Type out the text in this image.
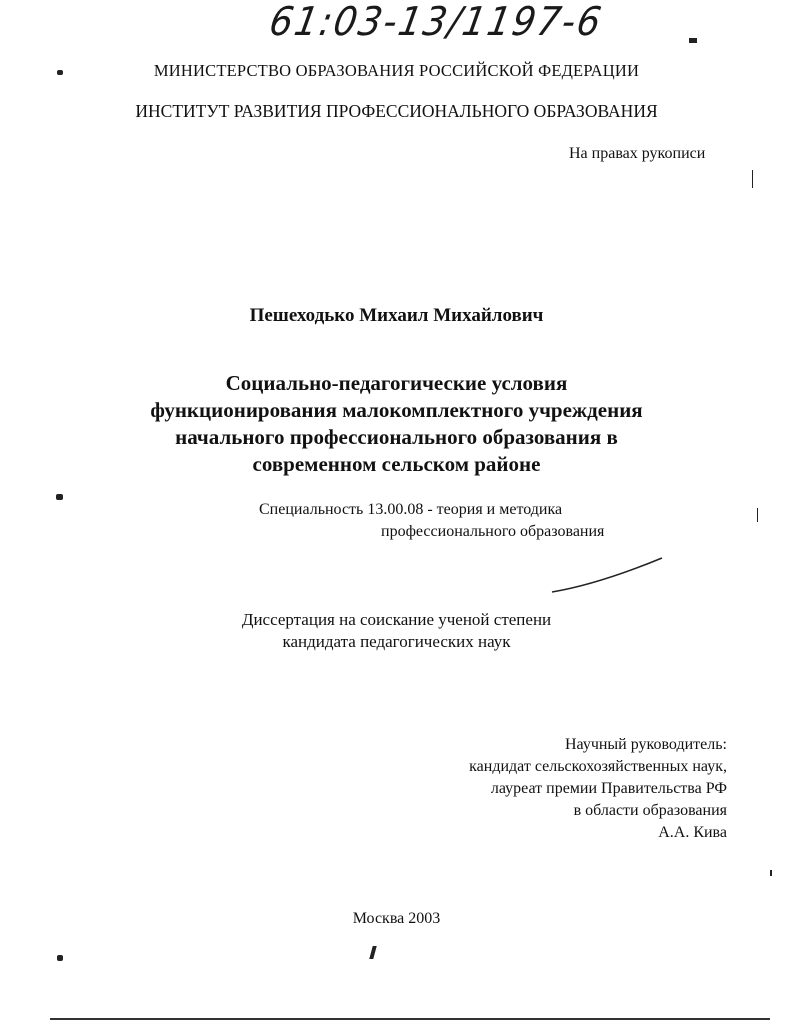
61:03-13/1197-6
МИНИСТЕРСТВО ОБРАЗОВАНИЯ РОССИЙСКОЙ ФЕДЕРАЦИИ
ИНСТИТУТ РАЗВИТИЯ ПРОФЕССИОНАЛЬНОГО ОБРАЗОВАНИЯ
На правах рукописи
Пешеходько Михаил Михайлович
Социально-педагогические условия
функционирования малокомплектного учреждения
начального профессионального образования в
современном сельском районе
Специальность 13.00.08 - теория и методика
профессионального образования
Диссертация на соискание ученой степени
кандидата педагогических наук
Научный руководитель:
кандидат сельскохозяйственных наук,
лауреат премии Правительства РФ
в области образования
А.А. Кива
Москва 2003
